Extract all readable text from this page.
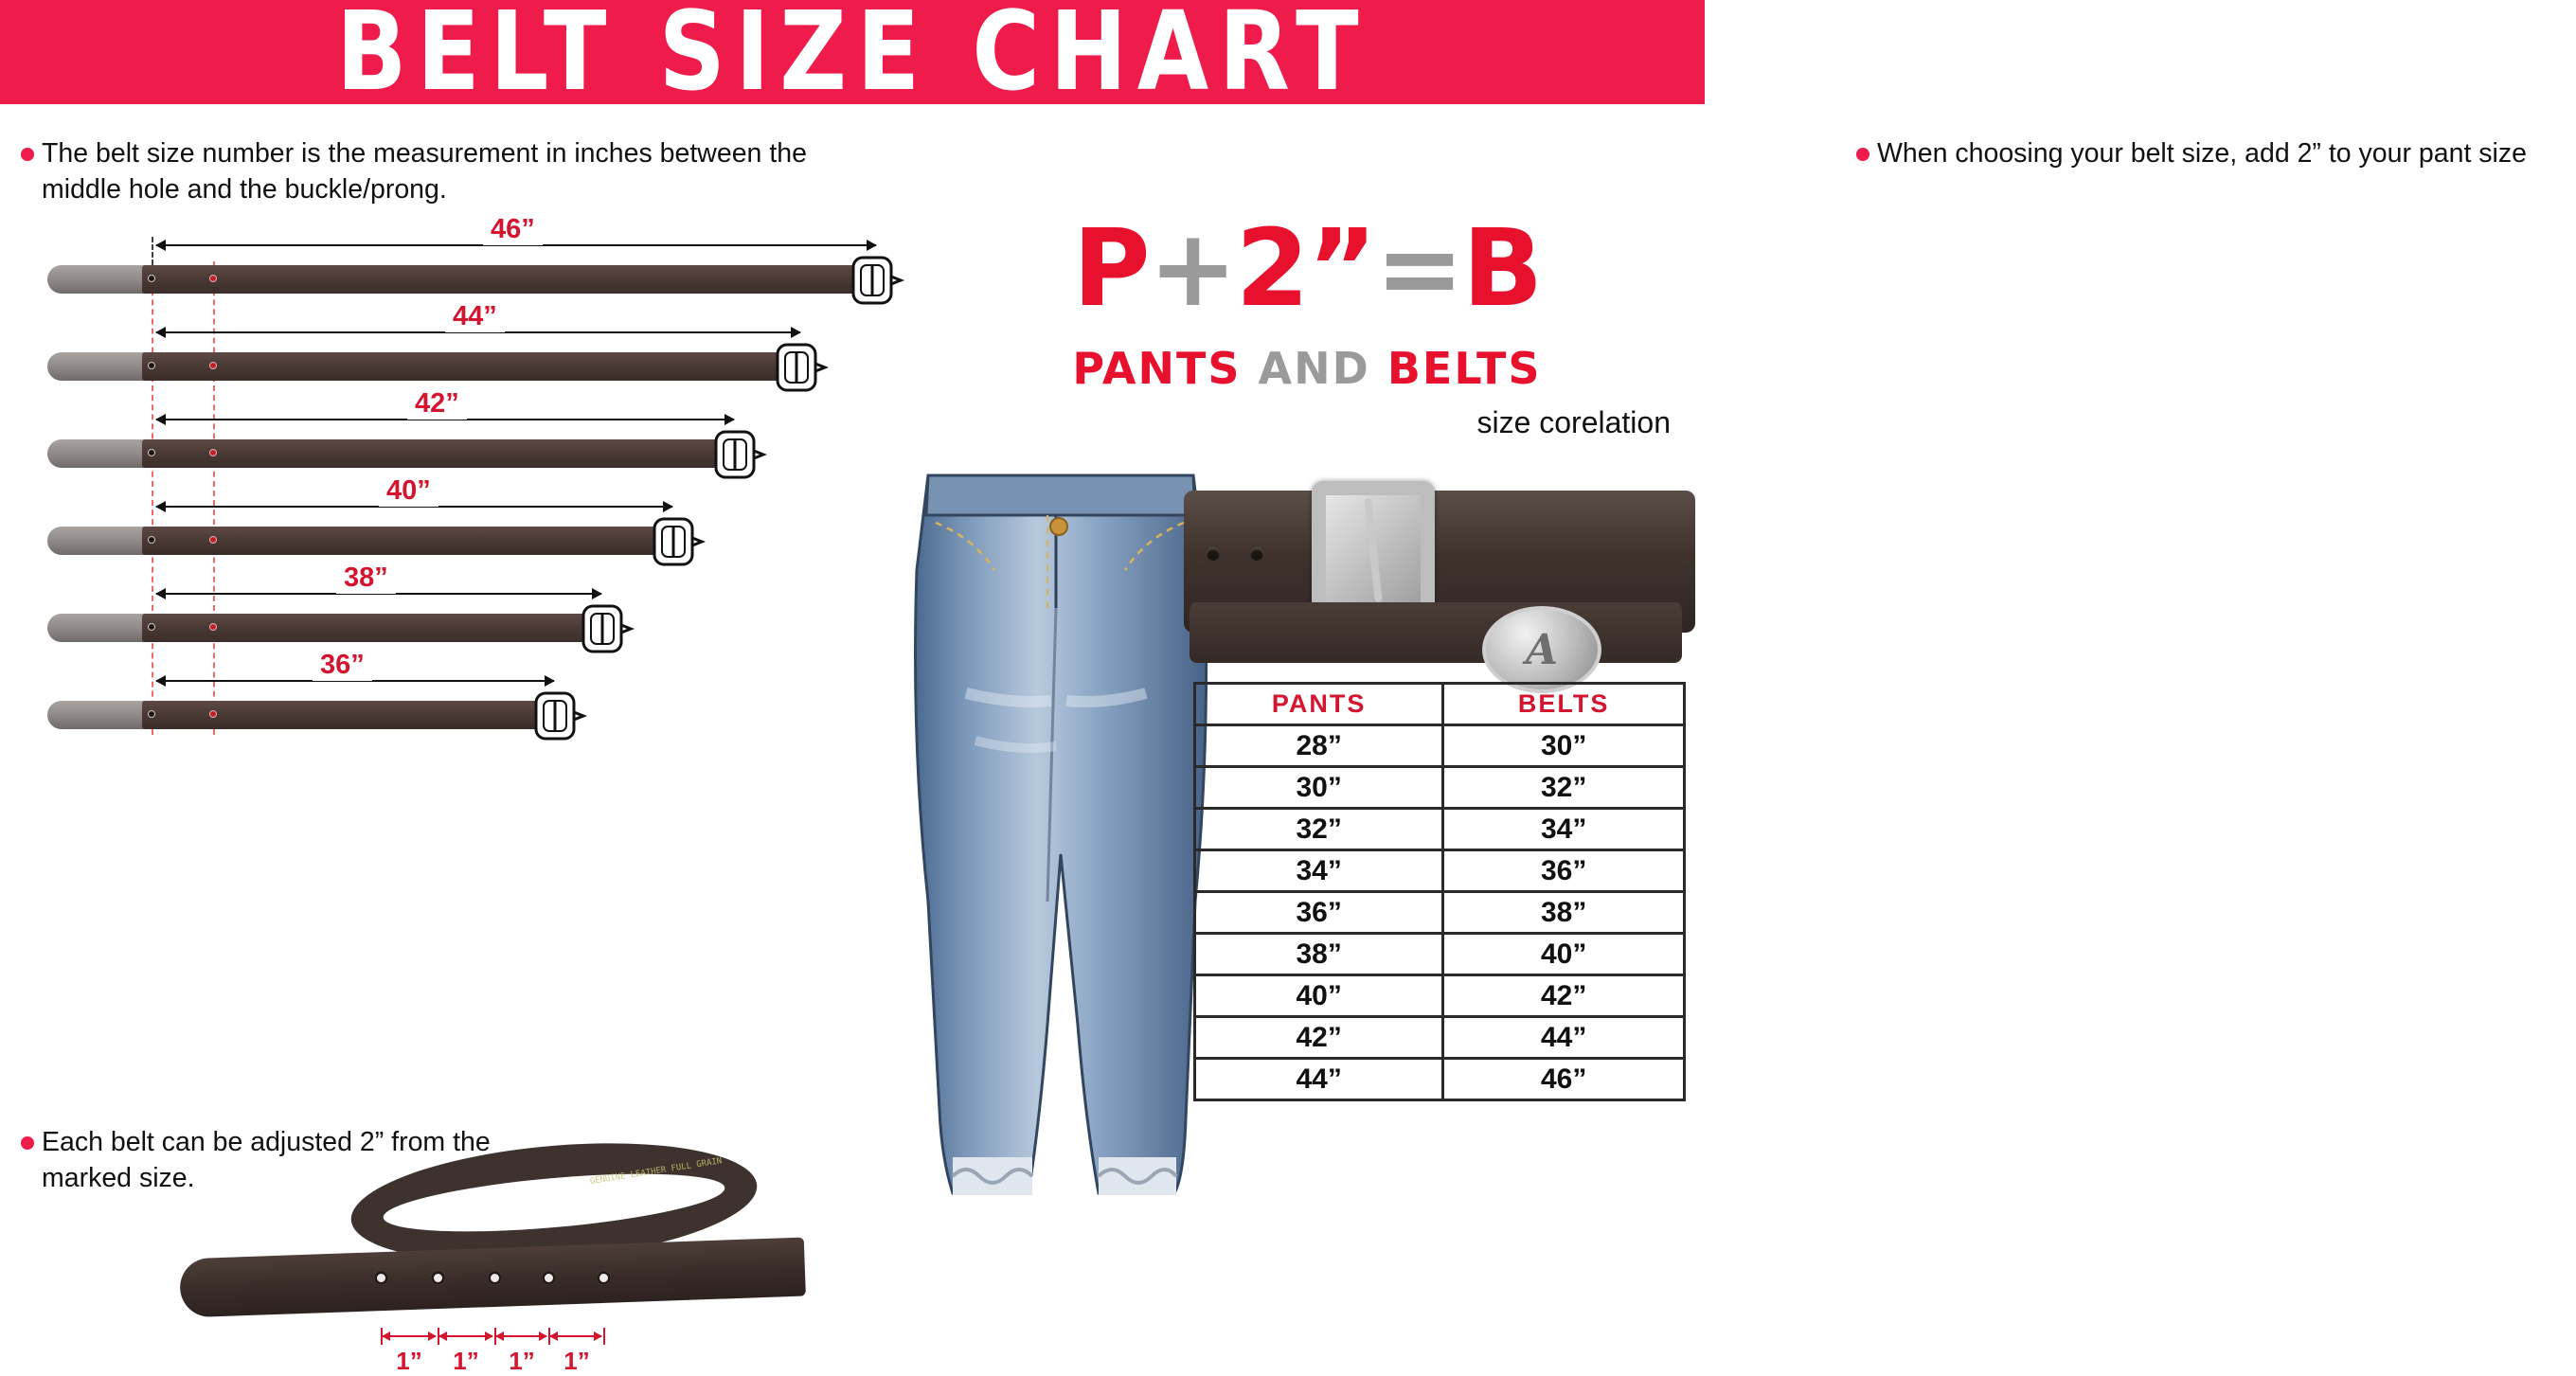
BELT SIZE CHART
The belt size number is the measurement in inches between the middle hole and the buckle/prong.
46”
44”
42”
40”
38”
36”
Each belt can be adjusted 2” from the marked size.	GENUINE LEATHER FULL GRAIN
1”	1”	1”	1”
When choosing your belt size, add 2” to your pant size
P+2”=B
PANTS AND BELTS
size corelation
A
PANTS	BELTS
28”	30”
30”	32”
32”	34”
34”	36”
36”	38”
38”	40”
40”	42”
42”	44”
44”	46”
